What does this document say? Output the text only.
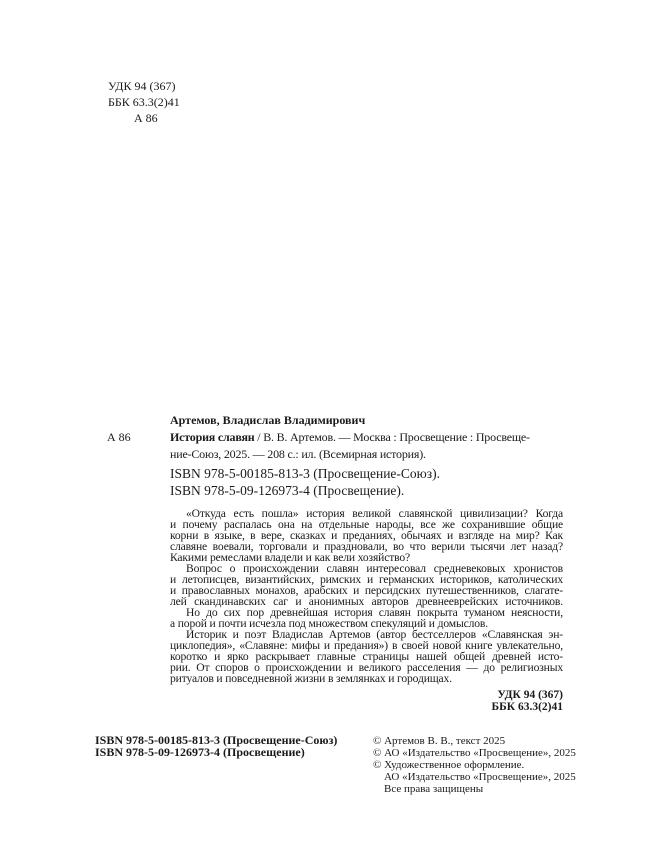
УДК 94 (367)
ББК 63.3(2)41
А 86
Артемов, Владислав Владимирович
А 86	История славян / В. В. Артемов. — Москва : Просвещение : Просвеще-
ние-Союз, 2025. — 208 с.: ил. (Всемирная история).
ISBN 978-5-00185-813-3 (Просвещение-Союз).
ISBN 978-5-09-126973-4 (Просвещение).
«Откуда есть пошла» история великой славянской цивилизации? Когда
и почему распалась она на отдельные народы, все же сохранившие общие
корни в языке, в вере, сказках и преданиях, обычаях и взгляде на мир? Как
славяне воевали, торговали и праздновали, во что верили тысячи лет назад?
Какими ремеслами владели и как вели хозяйство?
Вопрос о происхождении славян интересовал средневековых хронистов
и летописцев, византийских, римских и германских историков, католических
и православных монахов, арабских и персидских путешественников, слагате-
лей скандинавских саг и анонимных авторов древнееврейских источников.
Но до сих пор древнейшая история славян покрыта туманом неясности,
а порой и почти исчезла под множеством спекуляций и домыслов.
Историк и поэт Владислав Артемов (автор бестселлеров «Славянская эн-
циклопедия», «Славяне: мифы и предания») в своей новой книге увлекательно,
коротко и ярко раскрывает главные страницы нашей общей древней исто-
рии. От споров о происхождении и великого расселения — до религиозных
ритуалов и повседневной жизни в землянках и городищах.
УДК 94 (367)
ББК 63.3(2)41
ISBN 978-5-00185-813-3 (Просвещение-Союз)
ISBN 978-5-09-126973-4 (Просвещение)
© Артемов В. В., текст 2025
© АО «Издательство «Просвещение», 2025
© Художественное оформление.
АО «Издательство «Просвещение», 2025
Все права защищены
